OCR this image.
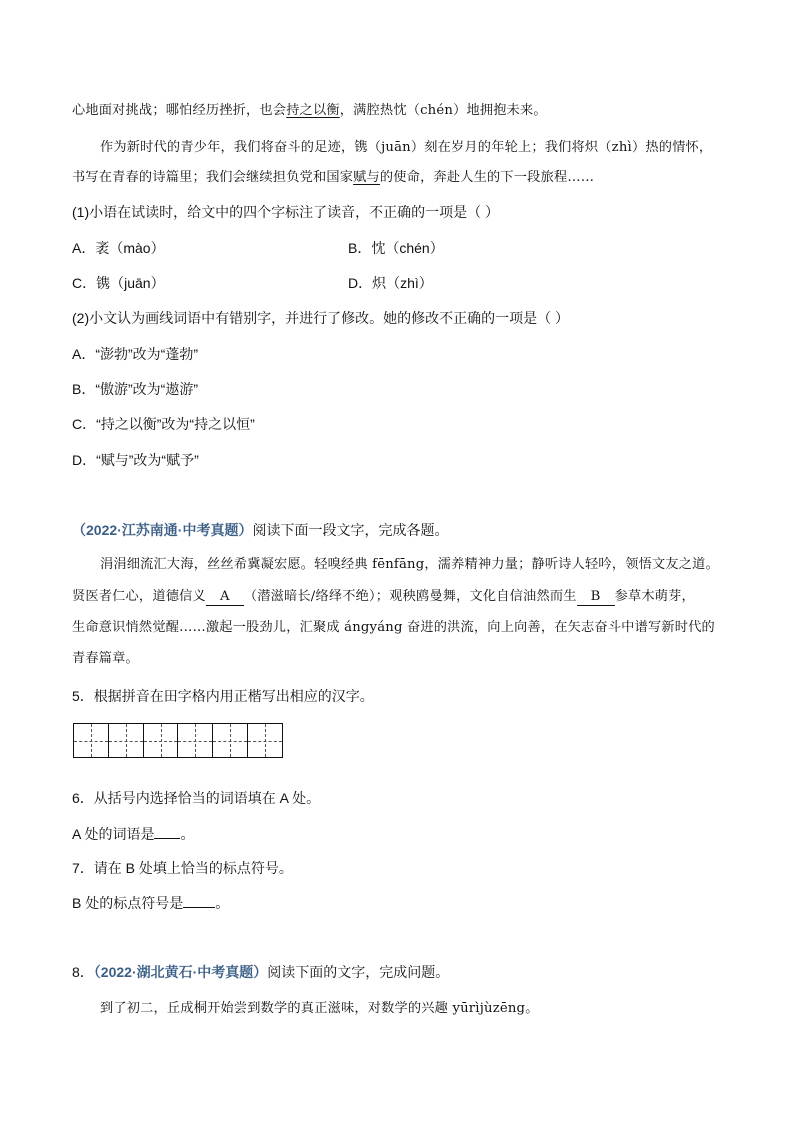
心地面对挑战；哪怕经历挫折，也会持之以衡，满腔热忱（chén）地拥抱未来。
作为新时代的青少年，我们将奋斗的足迹，镌（juān）刻在岁月的年轮上；我们将炽（zhì）热的情怀，
书写在青春的诗篇里；我们会继续担负党和国家赋与的使命，奔赴人生的下一段旅程……
(1)小语在试读时，给文中的四个字标注了读音，不正确的一项是（ ）
A．袤（mào）	B．忱（chén）
C．镌（juān）	D．炽（zhì）
(2)小文认为画线词语中有错别字，并进行了修改。她的修改不正确的一项是（ ）
A．“澎勃”改为“蓬勃”
B．“傲游”改为“遨游”
C．“持之以衡”改为“持之以恒”
D．“赋与”改为“赋予”
（2022·江苏南通·中考真题）阅读下面一段文字，完成各题。
涓涓细流汇大海，丝丝希冀凝宏愿。轻嗅经典 fēnfāng，濡养精神力量；静听诗人轻吟，领悟文友之道。
贤医者仁心，道德信义 A （潜滋暗长/络绎不绝）；观秧鸥曼舞，文化自信油然而生 B 参草木萌芽，
生命意识悄然觉醒……激起一股劲儿，汇聚成 ángyáng 奋进的洪流，向上向善，在矢志奋斗中谱写新时代的
青春篇章。
5．根据拼音在田字格内用正楷写出相应的汉字。
6．从括号内选择恰当的词语填在 A 处。
A 处的词语是 。
7．请在 B 处填上恰当的标点符号。
B 处的标点符号是 。
8．（2022·湖北黄石·中考真题）阅读下面的文字，完成问题。
到了初二，丘成桐开始尝到数学的真正滋味，对数学的兴趣 yūrìjùzēng。
